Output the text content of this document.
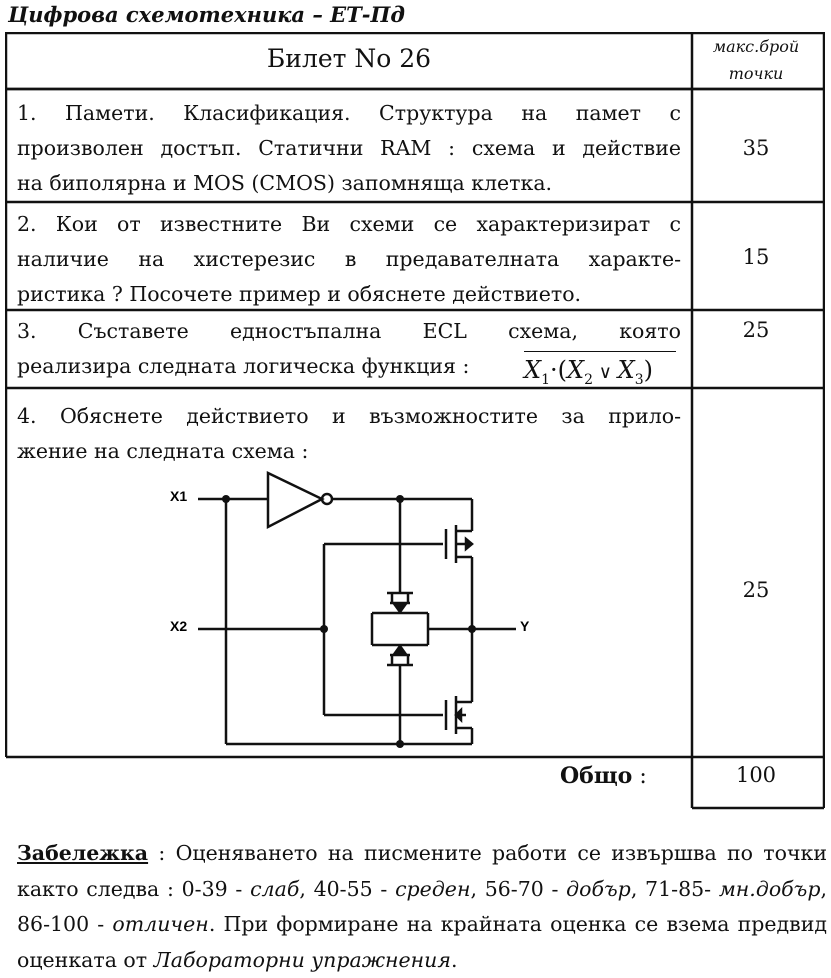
Цифрова схемотехника – ЕТ-Пд
Билет No 26	макс.брой
точки
1. Памети. Класификация. Структура на памет с
произволен достъп. Статични RAM : схема и действие
на биполярна и MOS (CMOS) запомняща клетка.
35
2. Кои от известните Ви схеми се характеризират с
наличие на хистерезис в предавателната характе-
ристика ? Посочете пример и обяснете действието.
15
3. Съставете едностъпална ECL схема, която
реализира следната логическа функция :	$X_1\cdot(X_2$ ∨ $X_3$)
25
4. Обяснете действието и възможностите за прило-
жение на следната схема :
25
X1
X2	Y
Общо :	100
Забележка : Оценяването на писмените работи се извършва по точки както следва : 0-39 - слаб, 40-55 - среден, 56-70 - добър, 71-85- мн.добър, 86-100 - отличен. При формиране на крайната оценка се взема предвид оценката от Лабораторни упражнения.
